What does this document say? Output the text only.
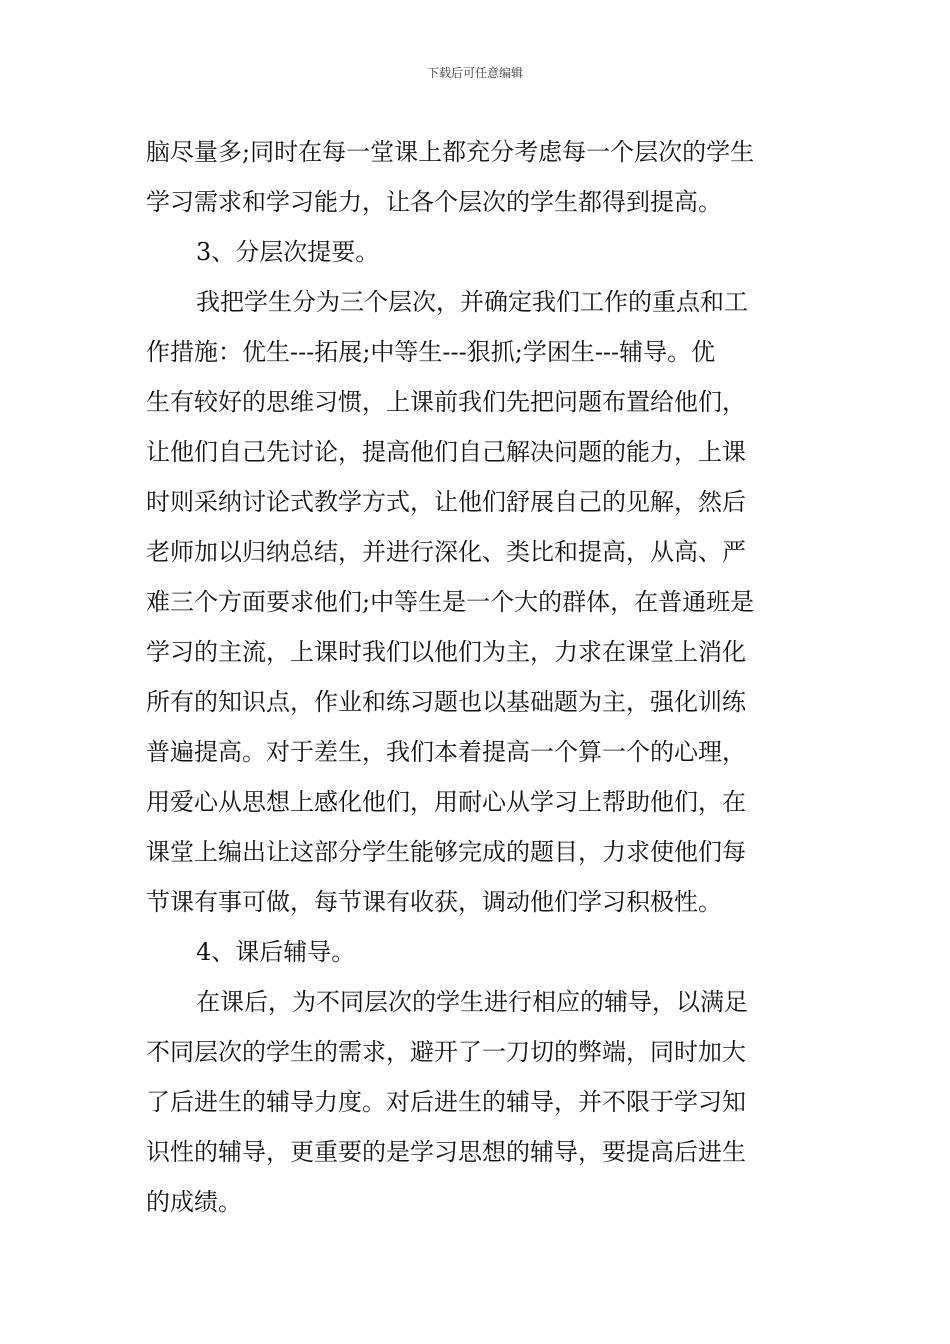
下载后可任意编辑
脑尽量多;同时在每一堂课上都充分考虑每一个层次的学生
学习需求和学习能力，让各个层次的学生都得到提高。
3、分层次提要。
我把学生分为三个层次，并确定我们工作的重点和工
作措施：优生---拓展;中等生---狠抓;学困生---辅导。优
生有较好的思维习惯，上课前我们先把问题布置给他们，
让他们自己先讨论，提高他们自己解决问题的能力，上课
时则采纳讨论式教学方式，让他们舒展自己的见解，然后
老师加以归纳总结，并进行深化、类比和提高，从高、严
难三个方面要求他们;中等生是一个大的群体，在普通班是
学习的主流，上课时我们以他们为主，力求在课堂上消化
所有的知识点，作业和练习题也以基础题为主，强化训练
普遍提高。对于差生，我们本着提高一个算一个的心理，
用爱心从思想上感化他们，用耐心从学习上帮助他们，在
课堂上编出让这部分学生能够完成的题目，力求使他们每
节课有事可做，每节课有收获，调动他们学习积极性。
4、课后辅导。
在课后，为不同层次的学生进行相应的辅导，以满足
不同层次的学生的需求，避开了一刀切的弊端，同时加大
了后进生的辅导力度。对后进生的辅导，并不限于学习知
识性的辅导，更重要的是学习思想的辅导，要提高后进生
的成绩。
